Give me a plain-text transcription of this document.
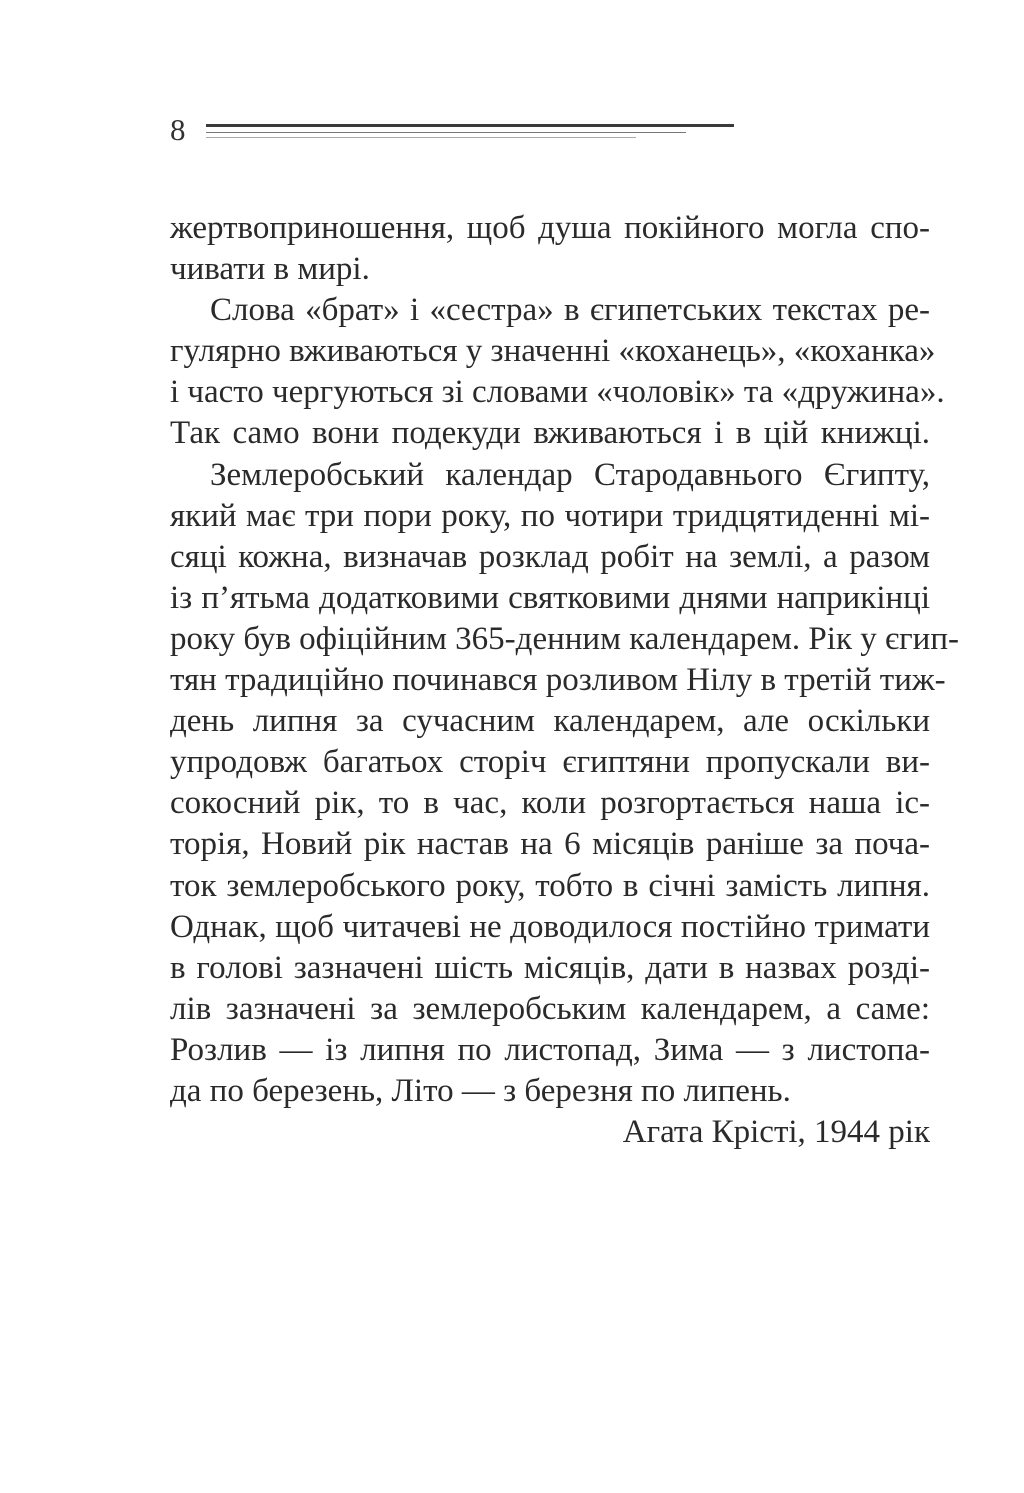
8
жертвоприношення, щоб душа покійного могла спо-
чивати в мирі.
Слова «брат» і «сестра» в єгипетських текстах ре-
гулярно вживаються у значенні «коханець», «коханка»
і часто чергуються зі словами «чоловік» та «дружина».
Так само вони подекуди вживаються і в цій книжці.
Землеробський календар Стародавнього Єгипту,
який має три пори року, по чотири тридцятиденні мі-
сяці кожна, визначав розклад робіт на землі, а разом
із п’ятьма додатковими святковими днями наприкінці
року був офіційним 365-денним календарем. Рік у єгип-
тян традиційно починався розливом Нілу в третій тиж-
день липня за сучасним календарем, але оскільки
упродовж багатьох сторіч єгиптяни пропускали ви-
сокосний рік, то в час, коли розгортається наша іс-
торія, Новий рік настав на 6 місяців раніше за поча-
ток землеробського року, тобто в січні замість липня.
Однак, щоб читачеві не доводилося постійно тримати
в голові зазначені шість місяців, дати в назвах розді-
лів зазначені за землеробським календарем, а саме:
Розлив — із липня по листопад, Зима — з листопа-
да по березень, Літо — з березня по липень.
Агата Крісті, 1944 рік
